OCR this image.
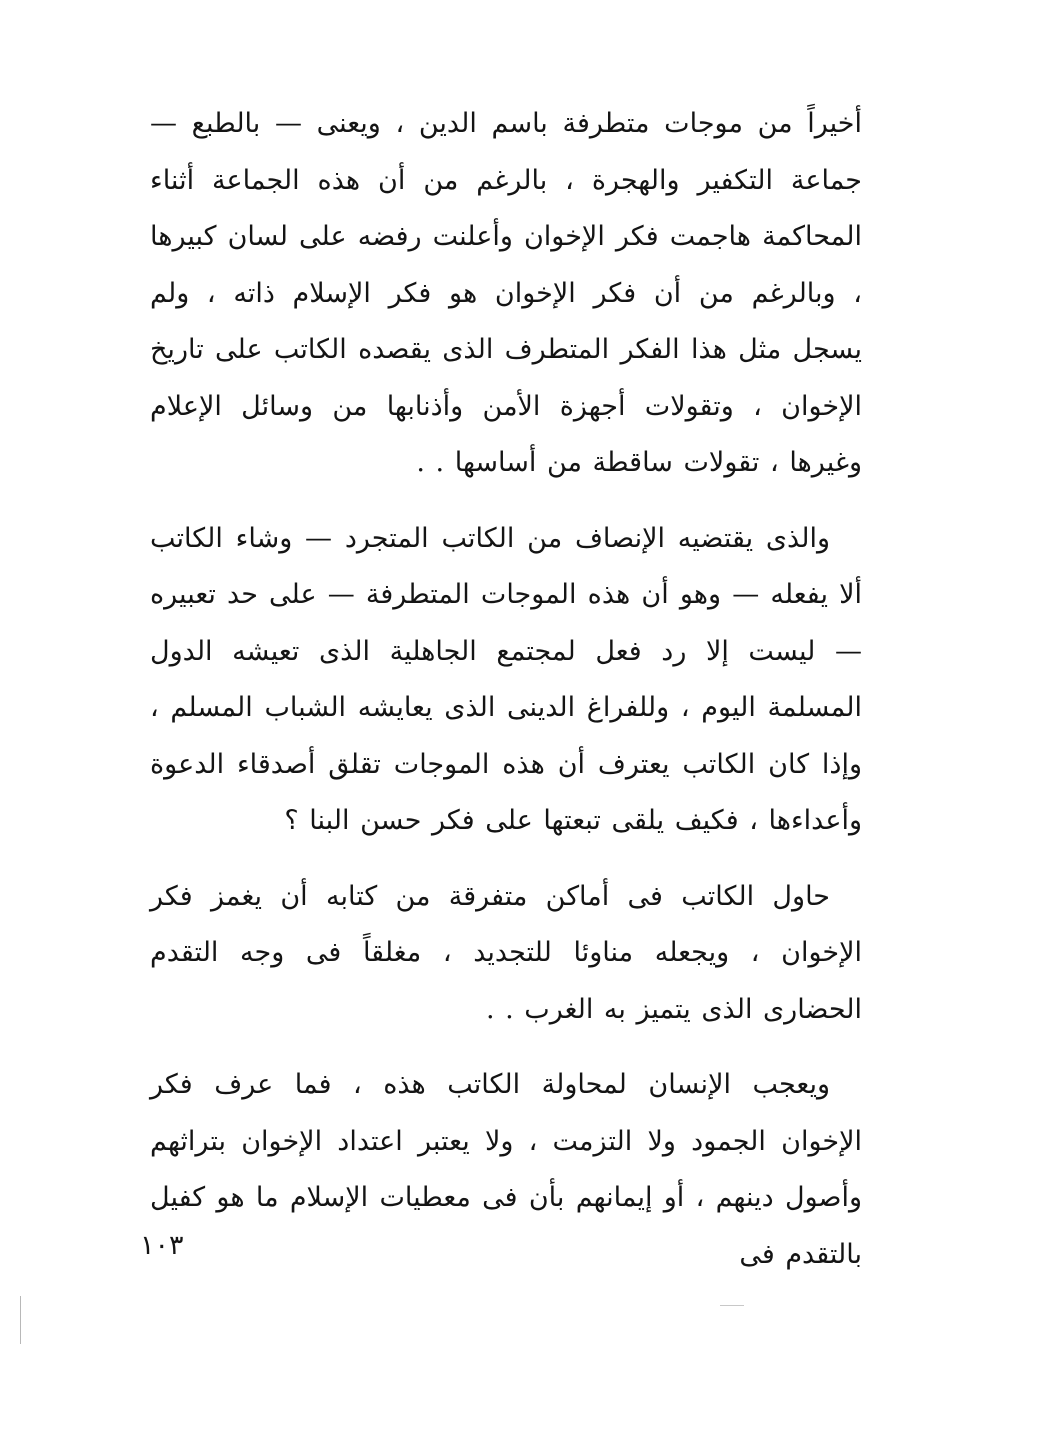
أخيراً من موجات متطرفة باسم الدين ، ويعنى — بالطبع — جماعة التكفير والهجرة ، بالرغم من أن هذه الجماعة أثناء المحاكمة هاجمت فكر الإخوان وأعلنت رفضه على لسان كبيرها ، وبالرغم من أن فكر الإخوان هو فكر الإسلام ذاته ، ولم يسجل مثل هذا الفكر المتطرف الذى يقصده الكاتب على تاريخ الإخوان ، وتقولات أجهزة الأمن وأذنابها من وسائل الإعلام وغيرها ، تقولات ساقطة من أساسها . .

والذى يقتضيه الإنصاف من الكاتب المتجرد — وشاء الكاتب ألا يفعله — وهو أن هذه الموجات المتطرفة — على حد تعبيره — ليست إلا رد فعل لمجتمع الجاهلية الذى تعيشه الدول المسلمة اليوم ، وللفراغ الدينى الذى يعايشه الشباب المسلم ، وإذا كان الكاتب يعترف أن هذه الموجات تقلق أصدقاء الدعوة وأعداءها ، فكيف يلقى تبعتها على فكر حسن البنا ؟

حاول الكاتب فى أماكن متفرقة من كتابه أن يغمز فكر الإخوان ، ويجعله مناوئا للتجديد ، مغلقاً فى وجه التقدم الحضارى الذى يتميز به الغرب . .

ويعجب الإنسان لمحاولة الكاتب هذه ، فما عرف فكر الإخوان الجمود ولا التزمت ، ولا يعتبر اعتداد الإخوان بتراثهم وأصول دينهم ، أو إيمانهم بأن فى معطيات الإسلام ما هو كفيل بالتقدم فى

١٠٣
